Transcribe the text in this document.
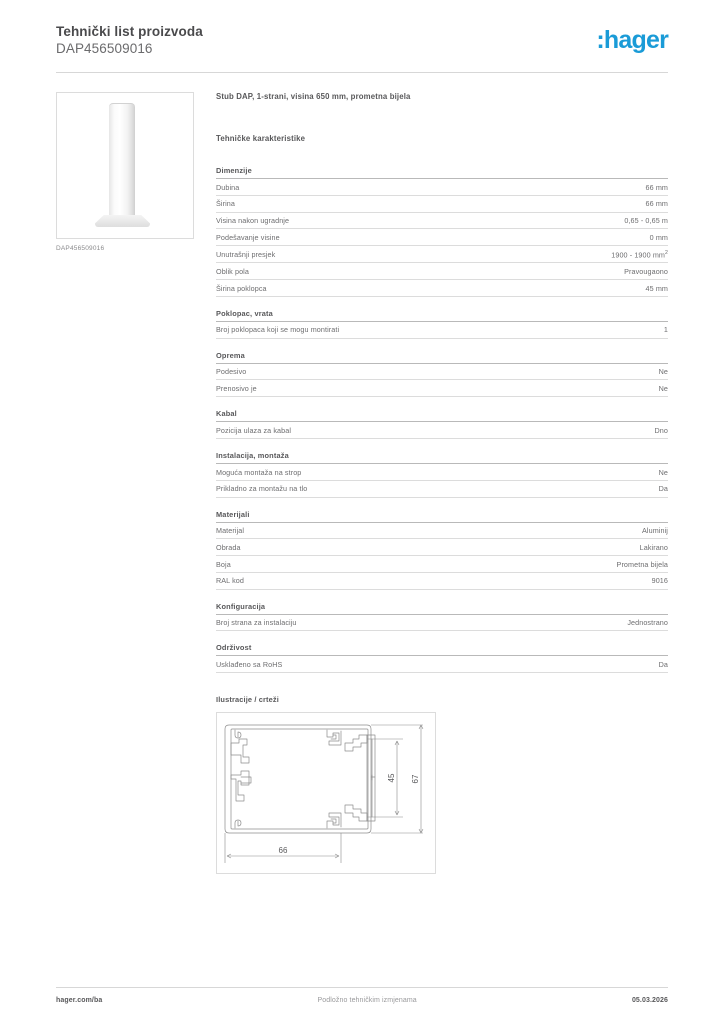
Tehnički list proizvoda
DAP456509016	:hager
DAP456509016
Stub DAP, 1-strani, visina 650 mm, prometna bijela
Tehničke karakteristike
Dimenzije
Dubina	66 mm
Širina	66 mm
Visina nakon ugradnje	0,65 - 0,65 m
Podešavanje visine	0 mm
Unutrašnji presjek	1900 - 1900 $mm^2$
Oblik pola	Pravougaono
Širina poklopca	45 mm
Poklopac, vrata
Broj poklopaca koji se mogu montirati	1
Oprema
Podesivo	Ne
Prenosivo je	Ne
Kabal
Pozicija ulaza za kabal	Dno
Instalacija, montaža
Moguća montaža na strop	Ne
Prikladno za montažu na tlo	Da
Materijali
Materijal	Aluminij
Obrada	Lakirano
Boja	Prometna bijela
RAL kod	9016
Konfiguracija
Broj strana za instalaciju	Jednostrano
Održivost
Usklađeno sa RoHS	Da
Ilustracije / crteži
66
45 67
hager.com/ba	Podložno tehničkim izmjenama	05.03.2026
